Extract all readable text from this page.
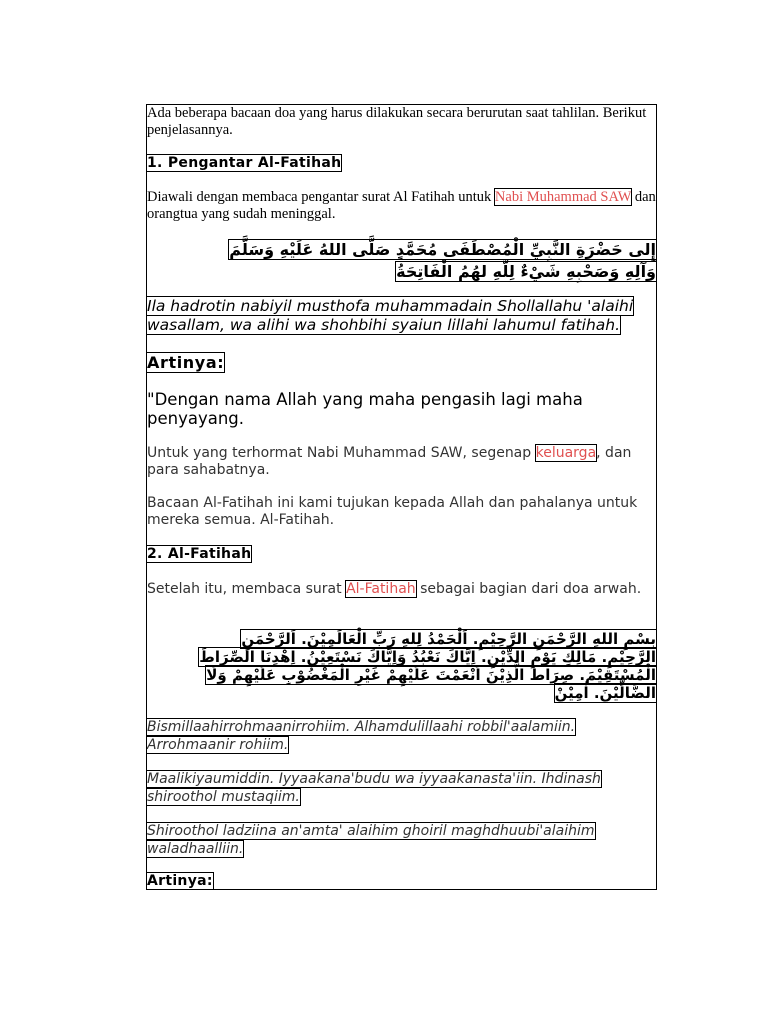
Ada beberapa bacaan doa yang harus dilakukan secara berurutan saat tahlilan. Berikut penjelasannya.

1. Pengantar Al-Fatihah

Diawali dengan membaca pengantar surat Al Fatihah untuk Nabi Muhammad SAW dan orangtua yang sudah meninggal.

إِلى حَضْرَةِ النَّبِيِّ الْمُصْطَفَى مُحَمَّدٍ صَلَّى اللهُ عَلَيْهِ وَسَلَّمَ
وَآلِهِ وَصَحْبِهِ شَيْءٌ لِلّهِ لهُمُ الْفَاتِحَةُ
Ila hadrotin nabiyil musthofa muhammadain Shollallahu 'alaihi
wasallam, wa alihi wa shohbihi syaiun lillahi lahumul fatihah.

Artinya:

"Dengan nama Allah yang maha pengasih lagi maha penyayang.

Untuk yang terhormat Nabi Muhammad SAW, segenap keluarga, dan para sahabatnya.

Bacaan Al-Fatihah ini kami tujukan kepada Allah dan pahalanya untuk mereka semua. Al-Fatihah.

2. Al-Fatihah

Setelah itu, membaca surat Al-Fatihah sebagai bagian dari doa arwah.

بِسْمِ اللهِ الرَّحْمَنِ الرَّحِيْمِ. اَلْحَمْدُ لِلهِ رَبِّ الْعَالَمِيْنَ. اَلرَّحْمَنِ
الرَّحِيْمِ. مَالِكِ يَوْمِ الدِّيْنِ. اِيَّاكَ نَعْبُدُ وَاِيَّاكَ نَسْتَعِيْنُ. اِهْدِنَا الصِّرَاطَ
الْمُسْتَقِيْمَ. صِرَاطَ الَّذِيْنَ اَنْعَمْتَ عَلَيْهِمْ غَيْرِ الْمَغْضُوْبِ عَلَيْهِمْ وَلَا
الضَّالِّيْنَ. اٰمِيْنْ
Bismillaahirrohmaanirrohiim. Alhamdulillaahi robbil'aalamiin.
Arrohmaanir rohiim.
Maalikiyaumiddin. Iyyaakana'budu wa iyyaakanasta'iin. Ihdinash
shiroothol mustaqiim.
Shiroothol ladziina an'amta' alaihim ghoiril maghdhuubi'alaihim
waladhaalliin.

Artinya:
